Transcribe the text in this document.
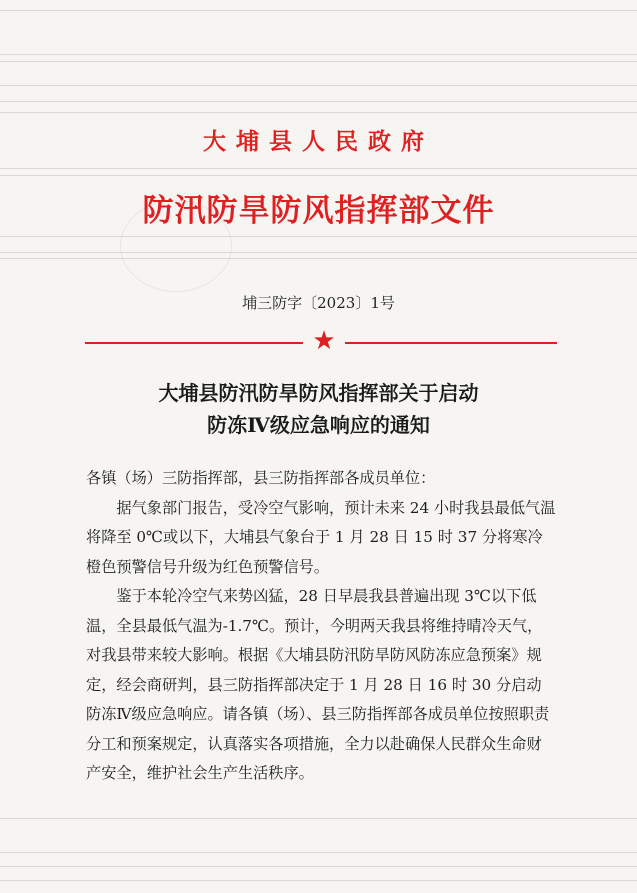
大埔县人民政府
防汛防旱防风指挥部文件
埔三防字〔2023〕1号
★
大埔县防汛防旱防风指挥部关于启动
防冻Ⅳ级应急响应的通知

各镇（场）三防指挥部，县三防指挥部各成员单位：

据气象部门报告，受冷空气影响，预计未来 24 小时我县最低气温将降至 0℃或以下，大埔县气象台于 1 月 28 日 15 时 37 分将寒冷橙色预警信号升级为红色预警信号。

鉴于本轮冷空气来势凶猛，28 日早晨我县普遍出现 3℃以下低温，全县最低气温为-1.7℃。预计，今明两天我县将维持晴冷天气，对我县带来较大影响。根据《大埔县防汛防旱防风防冻应急预案》规定，经会商研判，县三防指挥部决定于 1 月 28 日 16 时 30 分启动防冻Ⅳ级应急响应。请各镇（场）、县三防指挥部各成员单位按照职责分工和预案规定，认真落实各项措施，全力以赴确保人民群众生命财产安全，维护社会生产生活秩序。
